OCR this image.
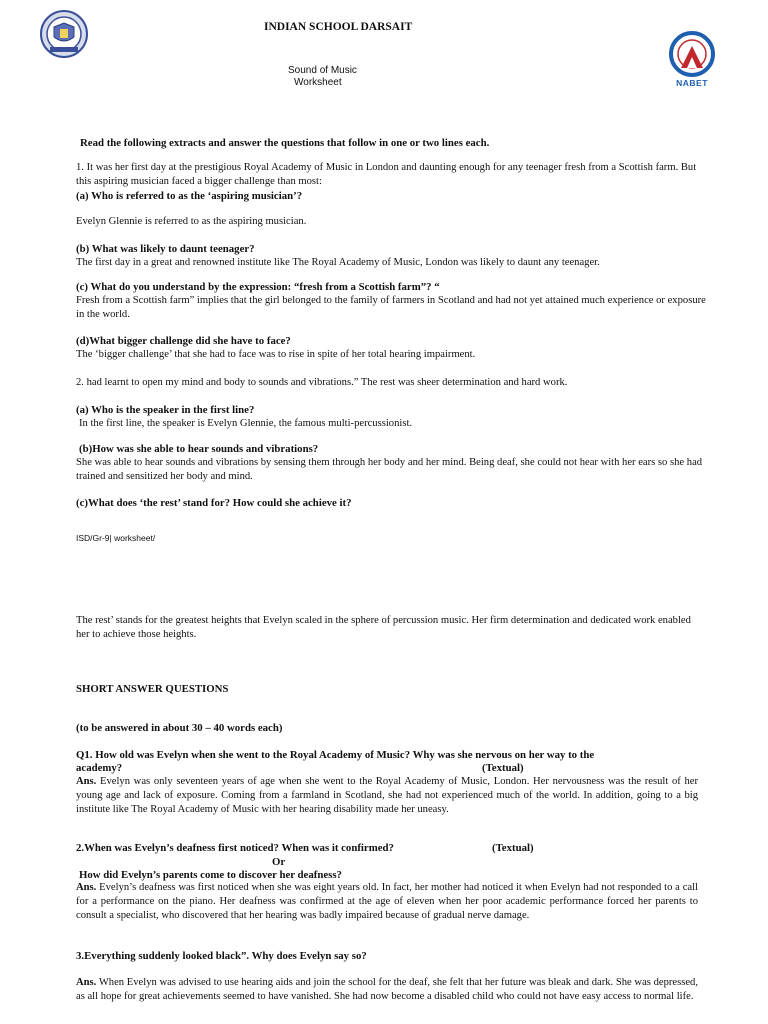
NABET
INDIAN SCHOOL DARSAIT
Sound of Music
Worksheet
Read the following extracts and answer the questions that follow in one or two lines each.
1. It was her first day at the prestigious Royal Academy of Music in London and daunting enough for any teenager fresh from a Scottish farm. But this aspiring musician faced a bigger challenge than most:
(a) Who is referred to as the ‘aspiring musician’?
Evelyn Glennie is referred to as the aspiring musician.
(b) What was likely to daunt teenager?
The first day in a great and renowned institute like The Royal Academy of Music, London was likely to daunt any teenager.
(c) What do you understand by the expression: “fresh from a Scottish farm”? “
Fresh from a Scottish farm” implies that the girl belonged to the family of farmers in Scotland and had not yet attained much experience or exposure in the world.
(d)What bigger challenge did she have to face?
The ‘bigger challenge’ that she had to face was to rise in spite of her total hearing impairment.
2. had learnt to open my mind and body to sounds and vibrations.” The rest was sheer determination and hard work.
(a) Who is the speaker in the first line?
In the first line, the speaker is Evelyn Glennie, the famous multi-percussionist.
(b)How was she able to hear sounds and vibrations?
She was able to hear sounds and vibrations by sensing them through her body and her mind. Being deaf, she could not hear with her ears so she had trained and sensitized her body and mind.
(c)What does ‘the rest’ stand for? How could she achieve it?
ISD/Gr-9| worksheet/
The rest’ stands for the greatest heights that Evelyn scaled in the sphere of percussion music. Her firm determination and dedicated work enabled her to achieve those heights.
SHORT ANSWER QUESTIONS
(to be answered in about 30 – 40 words each)
Q1. How old was Evelyn when she went to the Royal Academy of Music? Why was she nervous on her way to the
academy?	(Textual)
Ans. Evelyn was only seventeen years of age when she went to the Royal Academy of Music, London. Her nervousness was the result of her young age and lack of exposure. Coming from a farmland in Scotland, she had not experienced much of the world. In addition, going to a big institute like The Royal Academy of Music with her hearing disability made her uneasy.
2.When was Evelyn’s deafness first noticed? When was it confirmed?	(Textual)
Or
How did Evelyn’s parents come to discover her deafness?
Ans. Evelyn’s deafness was first noticed when she was eight years old. In fact, her mother had noticed it when Evelyn had not responded to a call for a performance on the piano. Her deafness was confirmed at the age of eleven when her poor academic performance forced her parents to consult a specialist, who discovered that her hearing was badly impaired because of gradual nerve damage.
3.Everything suddenly looked black”. Why does Evelyn say so?
Ans. When Evelyn was advised to use hearing aids and join the school for the deaf, she felt that her future was bleak and dark. She was depressed, as all hope for great achievements seemed to have vanished. She had now become a disabled child who could not have easy access to normal life.
